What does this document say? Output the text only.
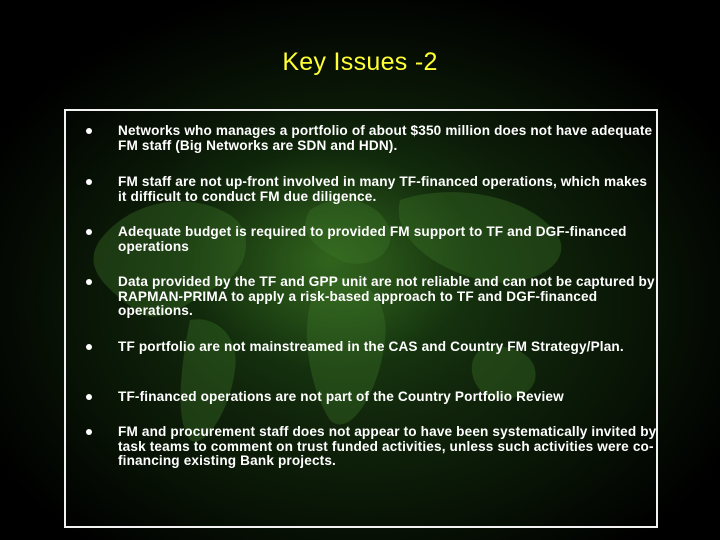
Key Issues -2
Networks who manages a portfolio of about $350 million does not have adequate FM staff (Big Networks are SDN and HDN).
FM staff are not up-front involved in many TF-financed operations, which makes it difficult to conduct FM due diligence.
Adequate budget is required to provided FM support to TF and DGF-financed operations
Data provided by the TF and GPP unit are not reliable and can not be captured by RAPMAN-PRIMA to apply a risk-based approach to TF and DGF-financed operations.
TF portfolio are not mainstreamed in the CAS and Country FM Strategy/Plan.
TF-financed operations are not part of the Country Portfolio Review
FM and procurement staff does not appear to have been systematically invited by task teams to comment on trust funded activities, unless such activities were co-financing existing Bank projects.
